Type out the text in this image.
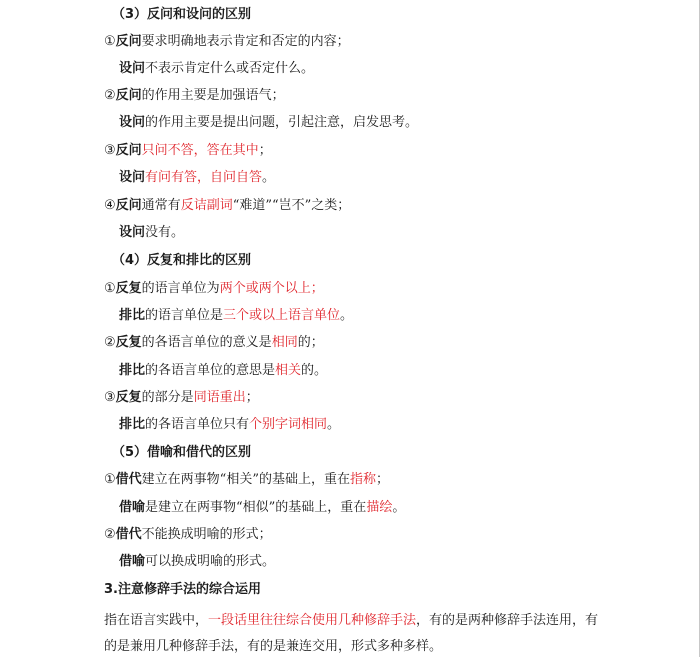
（3）反问和设问的区别
①反问要求明确地表示肯定和否定的内容；
设问不表示肯定什么或否定什么。
②反问的作用主要是加强语气；
设问的作用主要是提出问题，引起注意，启发思考。
③反问只问不答，答在其中；
设问有问有答，自问自答。
④反问通常有反诘副词“难道”“岂不”之类；
设问没有。
（4）反复和排比的区别
①反复的语言单位为两个或两个以上；
排比的语言单位是三个或以上语言单位。
②反复的各语言单位的意义是相同的；
排比的各语言单位的意思是相关的。
③反复的部分是同语重出；
排比的各语言单位只有个别字词相同。
（5）借喻和借代的区别
①借代建立在两事物“相关”的基础上，重在指称；
借喻是建立在两事物“相似”的基础上，重在描绘。
②借代不能换成明喻的形式；
借喻可以换成明喻的形式。
3.注意修辞手法的综合运用
指在语言实践中，一段话里往往综合使用几种修辞手法，有的是两种修辞手法连用，有的是兼用几种修辞手法，有的是兼连交用，形式多种多样。
